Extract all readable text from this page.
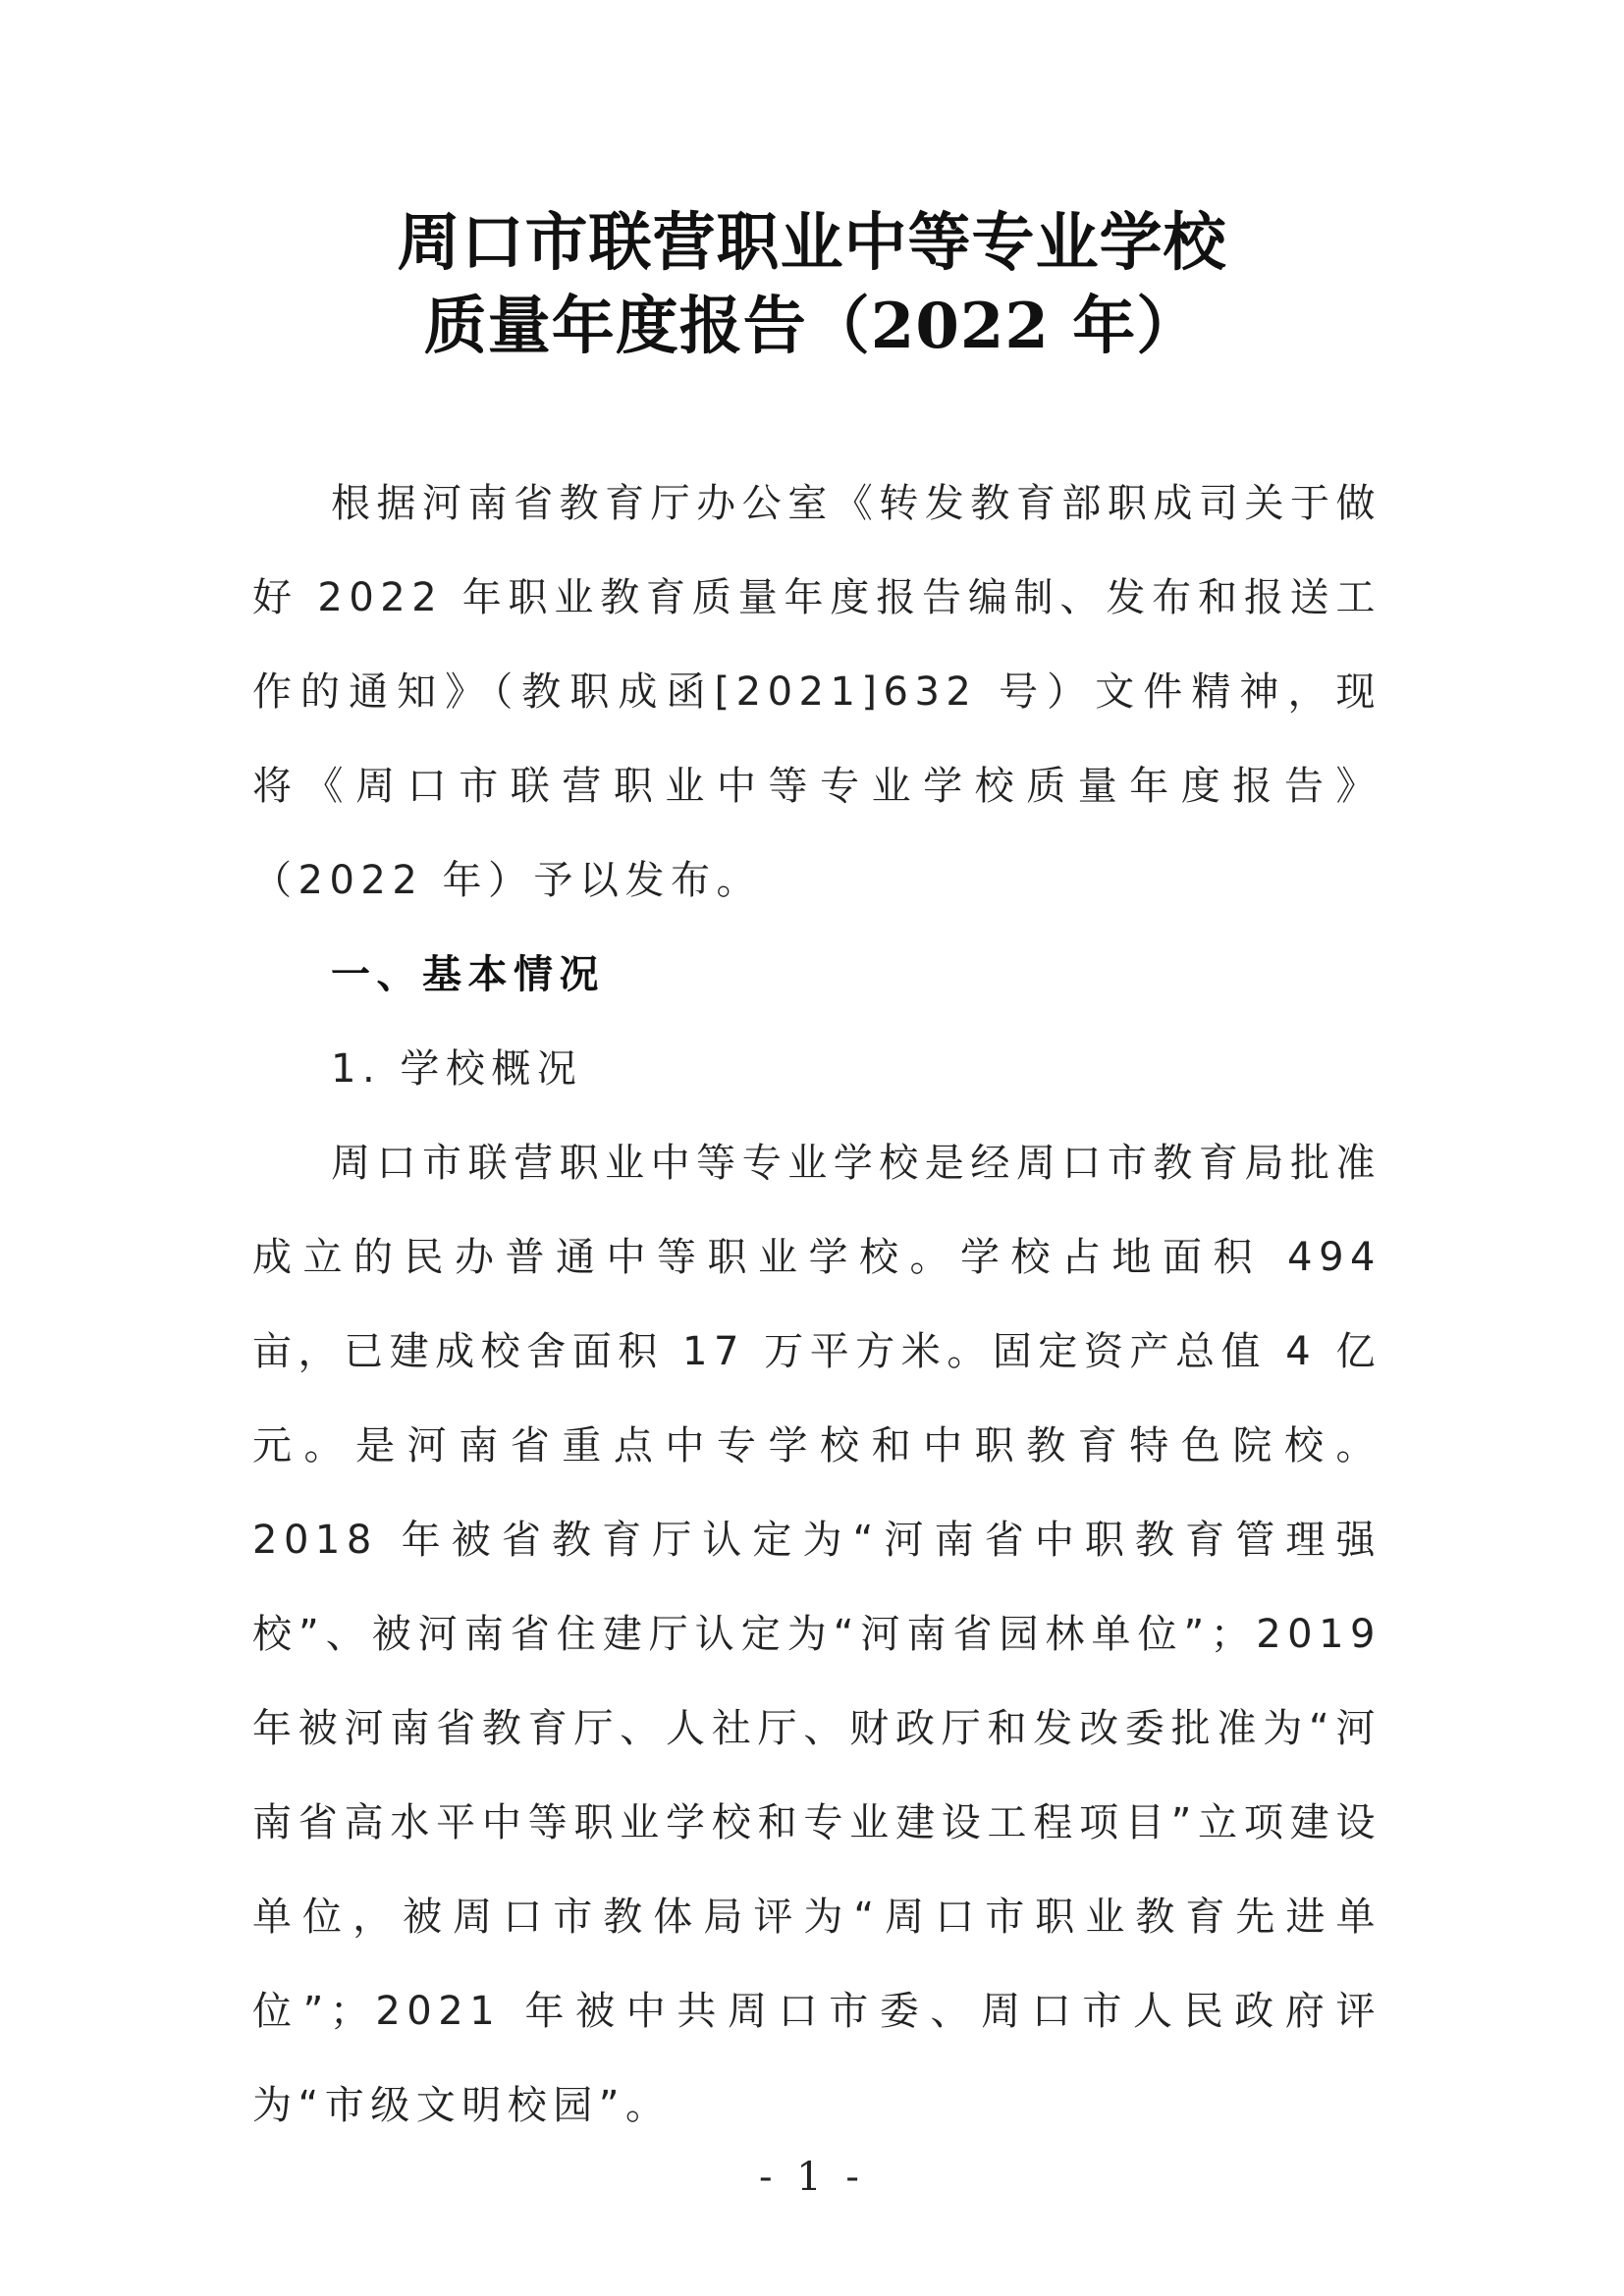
周口市联营职业中等专业学校
质量年度报告（2022 年）

根据河南省教育厅办公室《转发教育部职成司关于做好 2022 年职业教育质量年度报告编制、发布和报送工作的通知》（教职成函[2021]632 号）文件精神，现将《周口市联营职业中等专业学校质量年度报告》（2022 年）予以发布。

一、基本情况
1. 学校概况

周口市联营职业中等专业学校是经周口市教育局批准成立的民办普通中等职业学校。学校占地面积 494 亩，已建成校舍面积 17 万平方米。固定资产总值 4 亿元。是河南省重点中专学校和中职教育特色院校。2018 年被省教育厅认定为“河南省中职教育管理强校”、被河南省住建厅认定为“河南省园林单位”；2019 年被河南省教育厅、人社厅、财政厅和发改委批准为“河南省高水平中等职业学校和专业建设工程项目”立项建设单位，被周口市教体局评为“周口市职业教育先进单位”；2021 年被中共周口市委、周口市人民政府评为“市级文明校园”。

- 1 -
